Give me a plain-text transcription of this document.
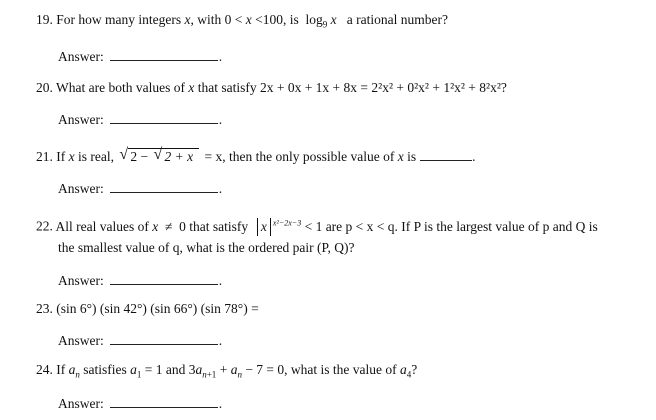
19. For how many integers x, with 0 < x <100, is $\log_9 x$ a rational number?
Answer:	.
20. What are both values of x that satisfy 2x + 0x + 1x + 8x = 2²x² + 0²x² + 1²x² + 8²x²?
Answer:	.
21. If x is real, √ 2 − √ 2 + x = x, then the only possible value of x is	.
Answer:	.
22. All real values of x ≠ 0 that satisfy x $^{x^2-2x-3}$ < 1 are p < x < q. If P is the largest value of p and Q is
the smallest value of q, what is the ordered pair (P, Q)?
Answer:	.
23. (sin 6°) (sin 42°) (sin 66°) (sin 78°) =
Answer:	.
24. If $a_n$ satisfies $a_1 = 1$ and $3a_{n+1} + a_n - 7 = 0$, what is the value of $a_4$?
Answer:	.
